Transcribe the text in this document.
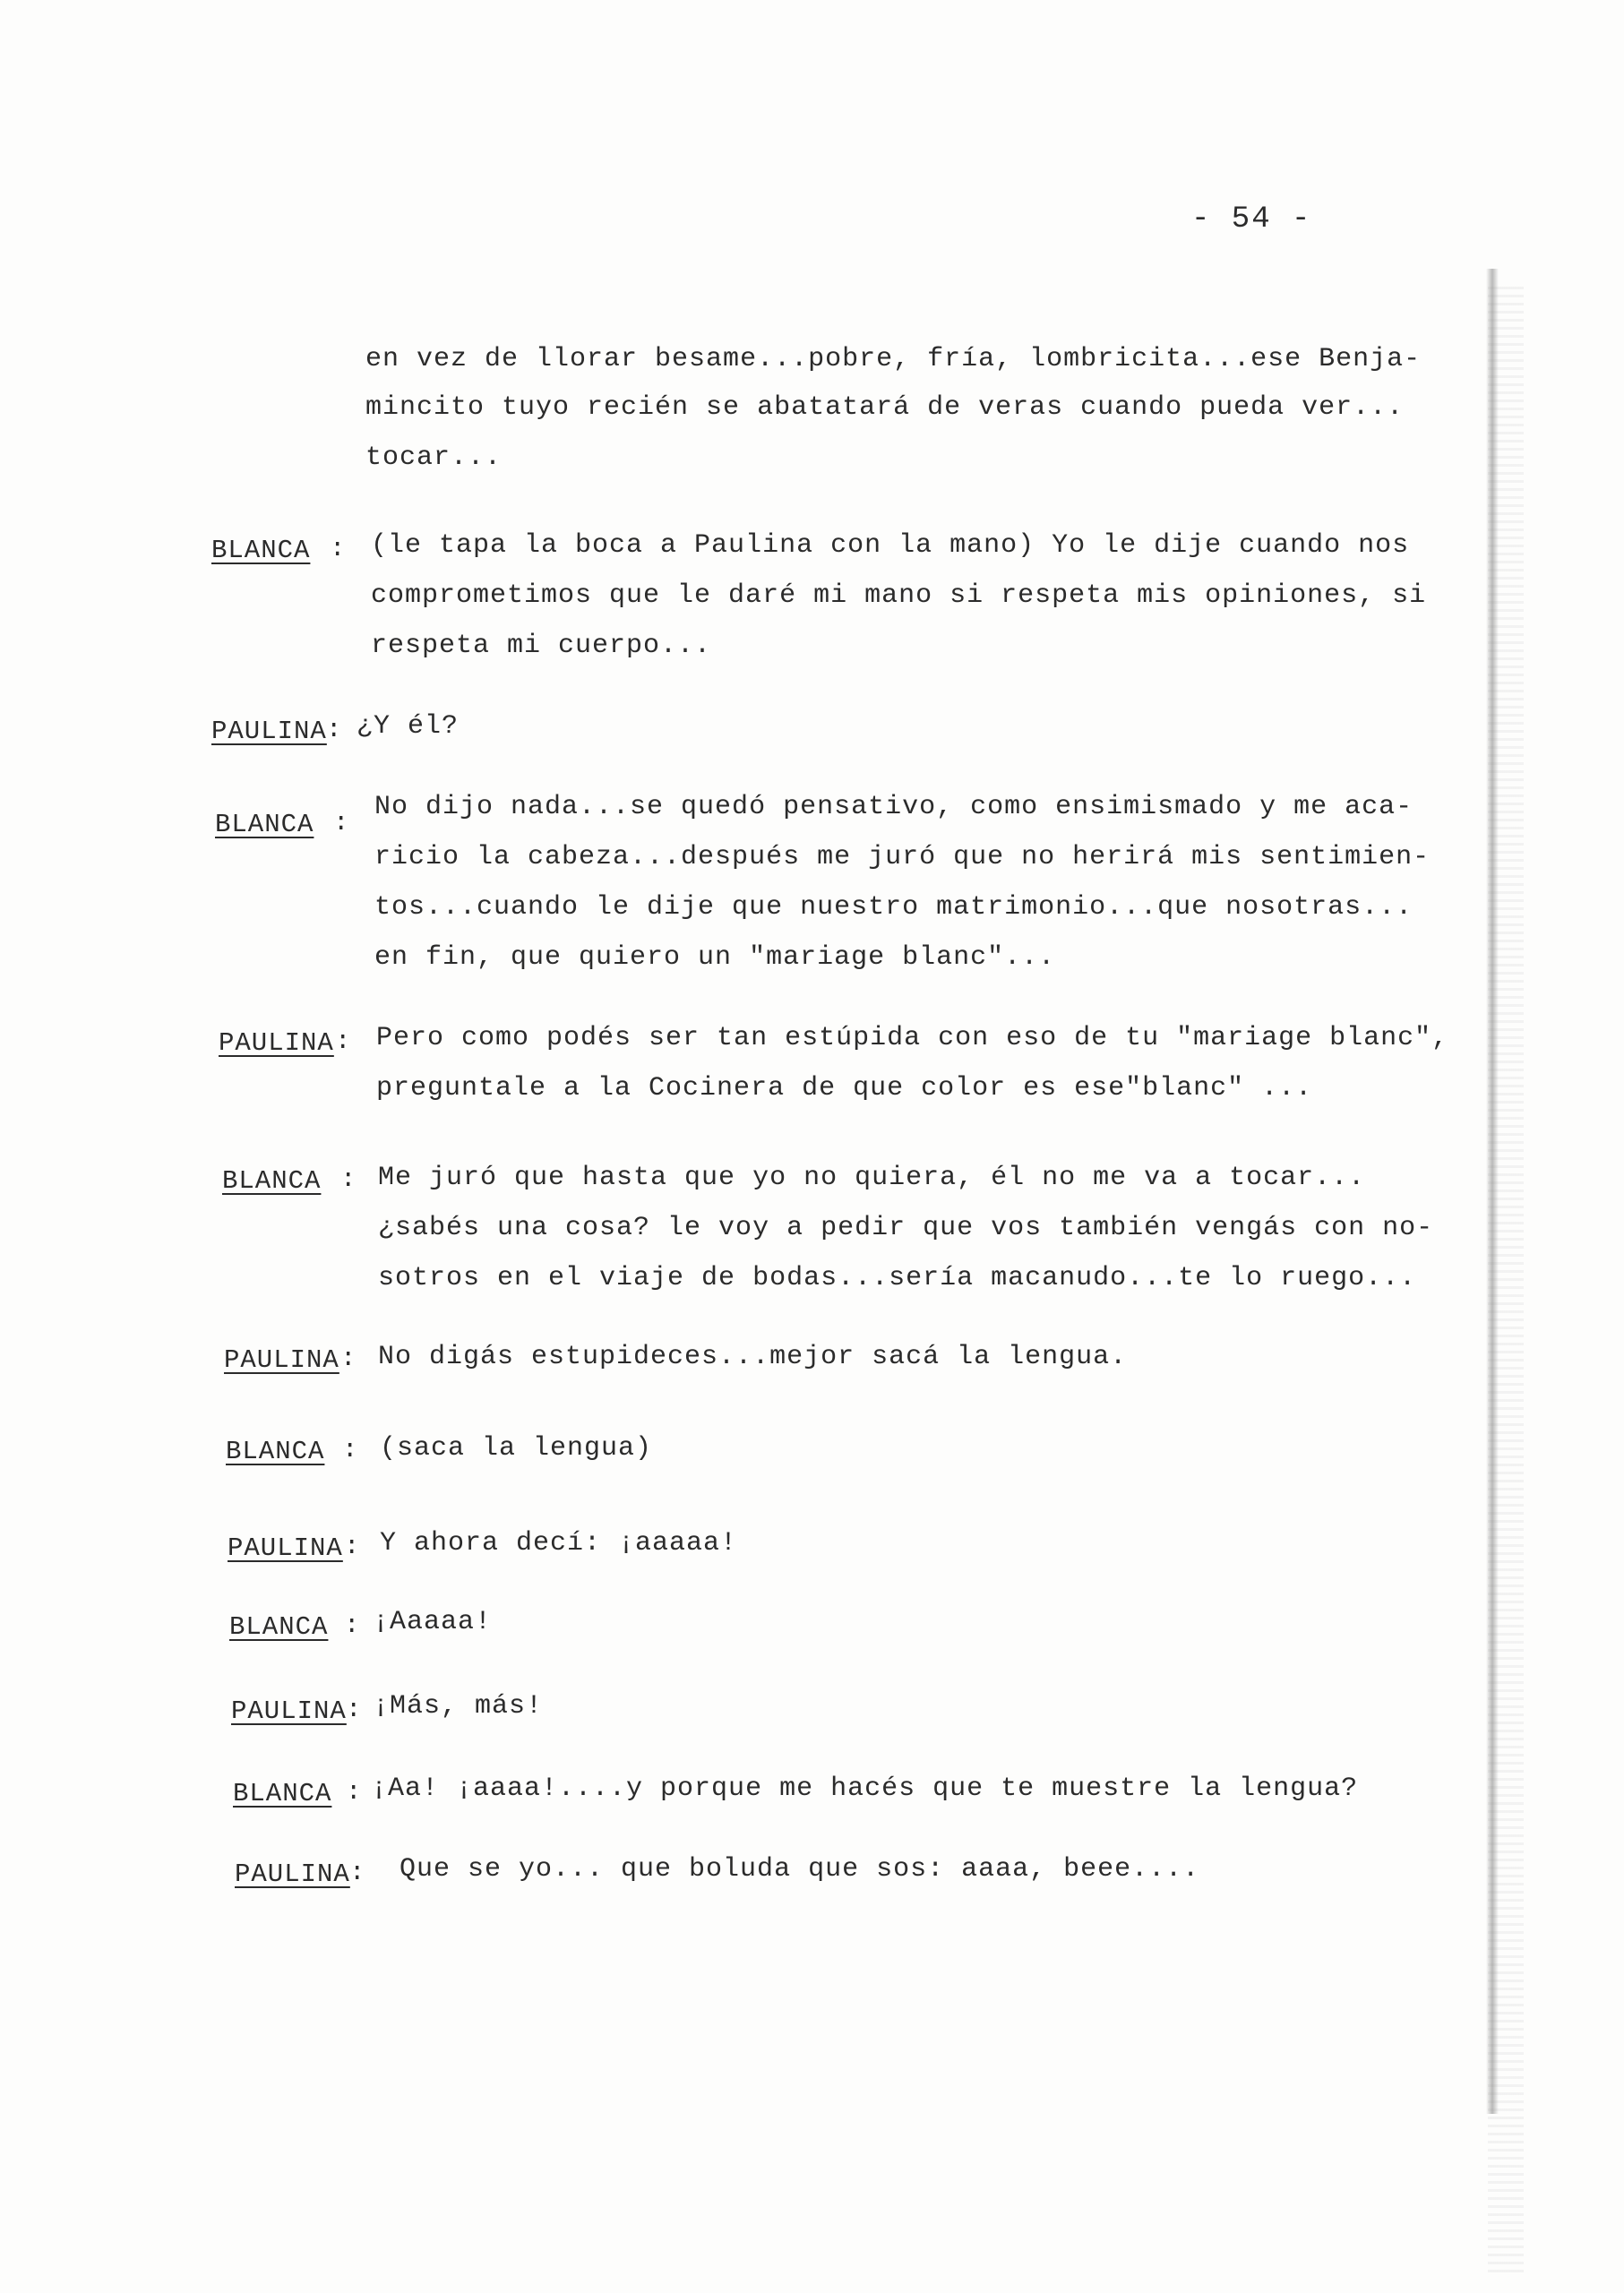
- 54 -
en vez de llorar besame...pobre, fría, lombricita...ese Benja-
mincito tuyo recién se abatatará de veras cuando pueda ver...
tocar...
BLANCA : (le tapa la boca a Paulina con la mano) Yo le dije cuando nos
comprometimos que le daré mi mano si respeta mis opiniones, si
respeta mi cuerpo...
PAULINA : ¿Y él?
BLANCA :
No dijo nada...se quedó pensativo, como ensimismado y me aca-
ricio la cabeza...después me juró que no herirá mis sentimien-
tos...cuando le dije que nuestro matrimonio...que nosotras...
en fin, que quiero un "mariage blanc"...
PAULINA : Pero como podés ser tan estúpida con eso de tu "mariage blanc",
preguntale a la Cocinera de que color es ese"blanc" ...
BLANCA : Me juró que hasta que yo no quiera, él no me va a tocar...
¿sabés una cosa? le voy a pedir que vos también vengás con no-
sotros en el viaje de bodas...sería macanudo...te lo ruego...
PAULINA : No digás estupideces...mejor sacá la lengua.
BLANCA : (saca la lengua)
PAULINA : Y ahora decí: ¡aaaaa!
BLANCA : ¡Aaaaa!
PAULINA : ¡Más, más!
BLANCA : ¡Aa! ¡aaaa!....y porque me hacés que te muestre la lengua?
PAULINA : Que se yo... que boluda que sos: aaaa, beee....
